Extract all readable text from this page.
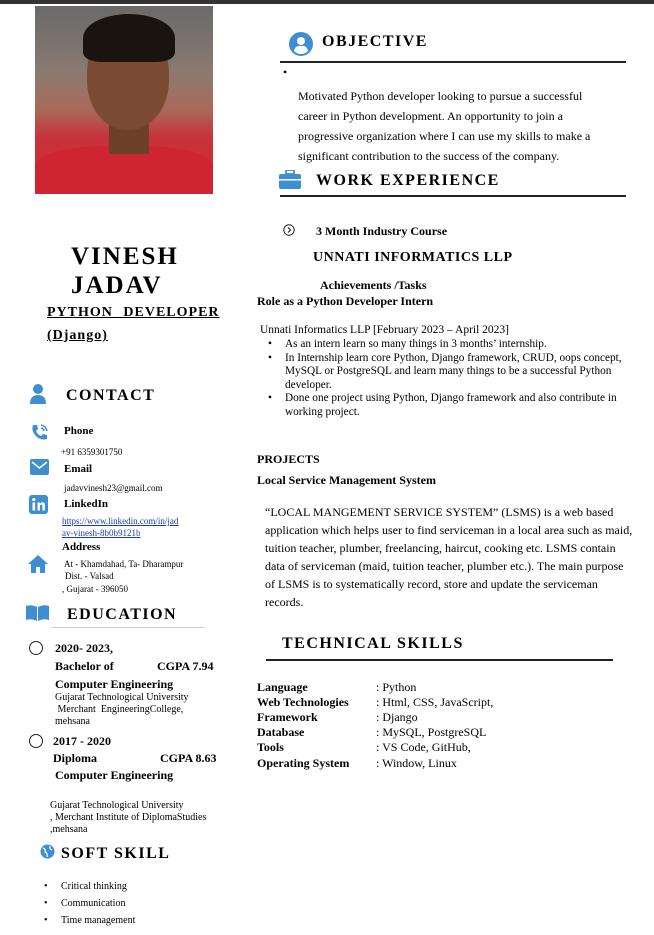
VINESH
JADAV
PYTHON DEVELOPER
(Django)
CONTACT
Phone
+91 6359301750
Email
jadavvinesh23@gmail.com
LinkedIn
https://www.linkedin.com/in/jad
av-vinesh-8b0b9121b
Address
At - Khamdahad, Ta- Dharampur
Dist. - Valsad
, Gujarat - 396050
EDUCATION
2020- 2023,
Bachelor of	CGPA 7.94
Computer Engineering
Gujarat Technological University
Merchant  EngineeringCollege,
mehsana
2017 - 2020
Diploma	CGPA 8.63
Computer Engineering
Gujarat Technological University
, Merchant Institute of DiplomaStudies
,mehsana
SOFT SKILL
• Critical thinking
• Communication
• Time management
OBJECTIVE
•
Motivated Python developer looking to pursue a successful
career in Python development. An opportunity to join a
progressive organization where I can use my skills to make a
significant contribution to the success of the company.
WORK EXPERIENCE
3 Month Industry Course
UNNATI INFORMATICS LLP
Achievements /Tasks
Role as a Python Developer Intern
Unnati Informatics LLP [February 2023 – April 2023]
• As an intern learn so many things in 3 months’ internship.
• In Internship learn core Python, Django framework, CRUD, oops concept,
MySQL or PostgreSQL and learn many things to be a successful Python
developer.
• Done one project using Python, Django framework and also contribute in
working project.
PROJECTS
Local Service Management System
“LOCAL MANGEMENT SERVICE SYSTEM” (LSMS) is a web based
application which helps user to find serviceman in a local area such as maid,
tuition teacher, plumber, freelancing, haircut, cooking etc. LSMS contain
data of serviceman (maid, tuition teacher, plumber etc.). The main purpose
of LSMS is to systematically record, store and update the serviceman
records.
TECHNICAL SKILLS
Language	: Python
Web Technologies : Html, CSS, JavaScript,
Framework	: Django
Database	: MySQL, PostgreSQL
Tools	: VS Code, GitHub,
Operating System : Window, Linux
